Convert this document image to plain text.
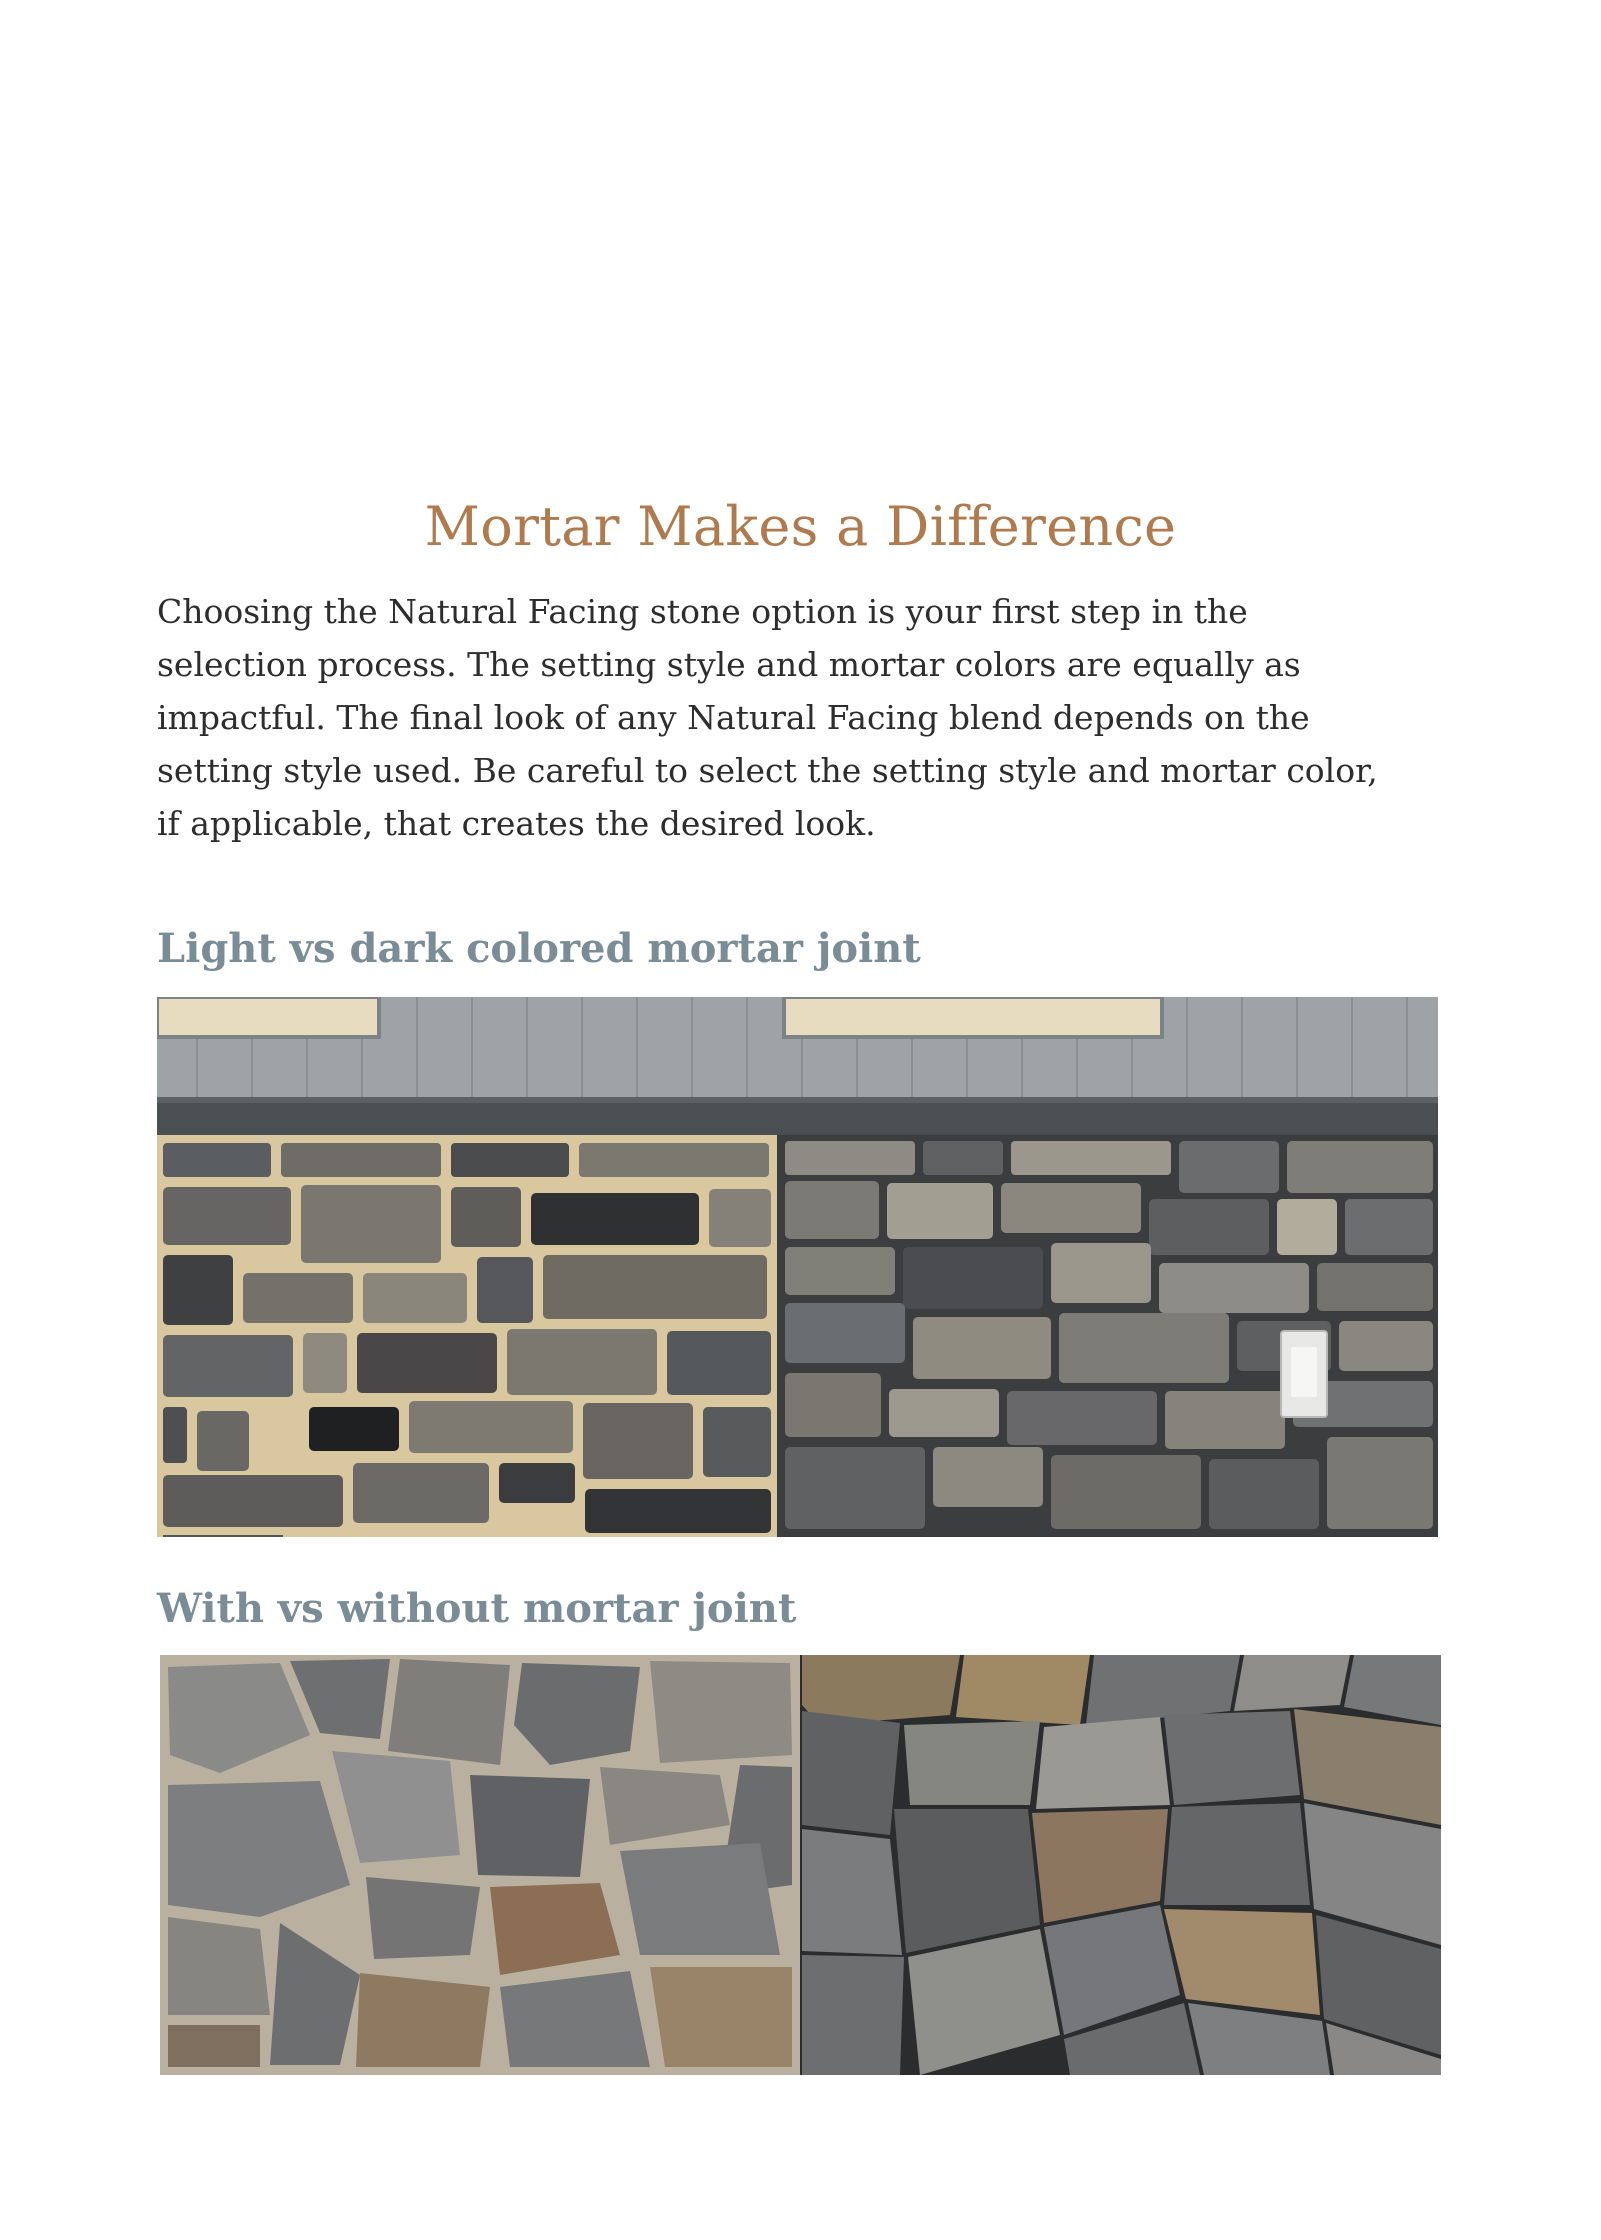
Mortar Makes a Difference
Choosing the Natural Facing stone option is your first step in the
selection process. The setting style and mortar colors are equally as
impactful. The final look of any Natural Facing blend depends on the
setting style used. Be careful to select the setting style and mortar color,
if applicable, that creates the desired look.
Light vs dark colored mortar joint
With vs without mortar joint
